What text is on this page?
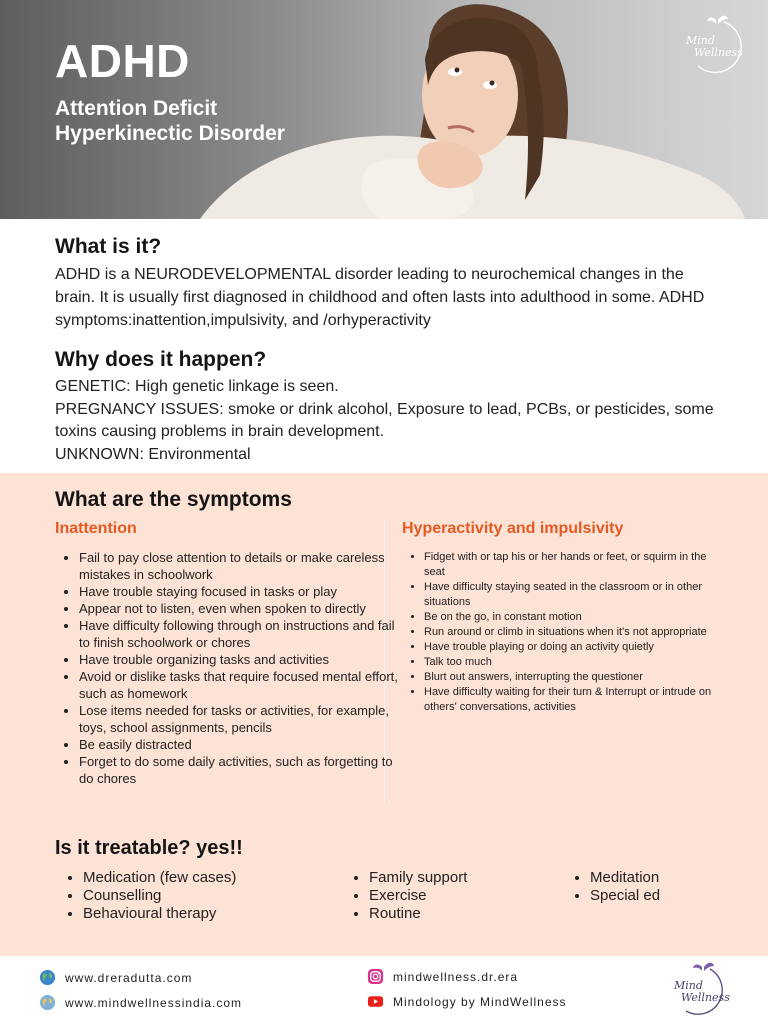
ADHD

Attention Deficit Hyperkinectic Disorder

Mind
Wellness
What is it?

ADHD is a NEURODEVELOPMENTAL disorder leading to neurochemical changes in the brain. It is usually first diagnosed in childhood and often lasts into adulthood in some. ADHD symptoms:inattention,impulsivity, and /orhyperactivity

Why does it happen?

GENETIC: High genetic linkage is seen.

PREGNANCY ISSUES: smoke or drink alcohol, Exposure to lead, PCBs, or pesticides, some toxins causing problems in brain development.

UNKNOWN: Environmental

What are the symptoms
Inattention	Hyperactivity and impulsivity
• Fail to pay close attention to details or make careless mistakes in schoolwork
• Have trouble staying focused in tasks or play
• Appear not to listen, even when spoken to directly
• Have difficulty following through on instructions and fail to finish schoolwork or chores
• Have trouble organizing tasks and activities
• Avoid or dislike tasks that require focused mental effort, such as homework
• Lose items needed for tasks or activities, for example, toys, school assignments, pencils
• Be easily distracted
• Forget to do some daily activities, such as forgetting to do chores
• Fidget with or tap his or her hands or feet, or squirm in the seat
• Have difficulty staying seated in the classroom or in other situations
• Be on the go, in constant motion
• Run around or climb in situations when it's not appropriate
• Have trouble playing or doing an activity quietly
• Talk too much
• Blurt out answers, interrupting the questioner
• Have difficulty waiting for their turn & Interrupt or intrude on others' conversations, activities
Is it treatable? yes!!
• Medication (few cases)
• Counselling
• Behavioural therapy
• Family support
• Exercise
• Routine
• Meditation
• Special ed
www.dreradutta.com
www.mindwellnessindia.com
mindwellness.dr.era
Mindology by MindWellness
Mind
Wellness
